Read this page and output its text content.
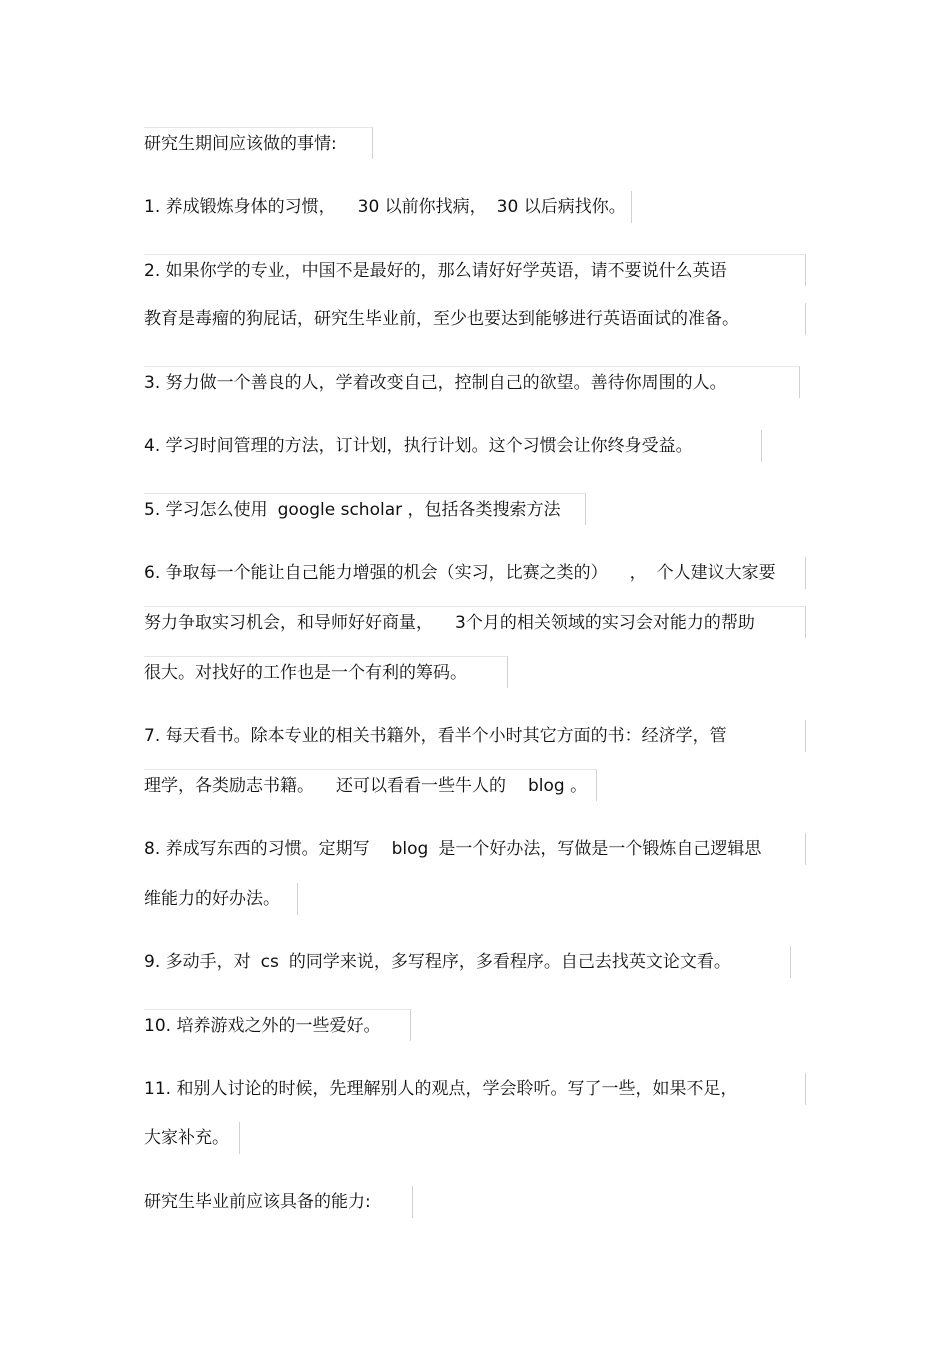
研究生期间应该做的事情:
1. 养成锻炼身体的习惯， 30 以前你找病， 30 以后病找你。
2. 如果你学的专业，中国不是最好的，那么请好好学英语，请不要说什么英语
教育是毒瘤的狗屁话，研究生毕业前，至少也要达到能够进行英语面试的准备。
3. 努力做一个善良的人，学着改变自己，控制自己的欲望。善待你周围的人。
4. 学习时间管理的方法，订计划，执行计划。这个习惯会让你终身受益。
5. 学习怎么使用 google scholar ，包括各类搜索方法
6. 争取每一个能让自己能力增强的机会（实习，比赛之类的） ， 个人建议大家要
努力争取实习机会，和导师好好商量， 3个月的相关领域的实习会对能力的帮助
很大。对找好的工作也是一个有利的筹码。
7. 每天看书。除本专业的相关书籍外，看半个小时其它方面的书：经济学，管
理学，各类励志书籍。 还可以看看一些牛人的 blog 。
8. 养成写东西的习惯。定期写 blog 是一个好办法，写做是一个锻炼自己逻辑思
维能力的好办法。
9. 多动手，对 cs 的同学来说，多写程序，多看程序。自己去找英文论文看。
10. 培养游戏之外的一些爱好。
11. 和别人讨论的时候，先理解别人的观点，学会聆听。写了一些，如果不足，
大家补充。
研究生毕业前应该具备的能力:
